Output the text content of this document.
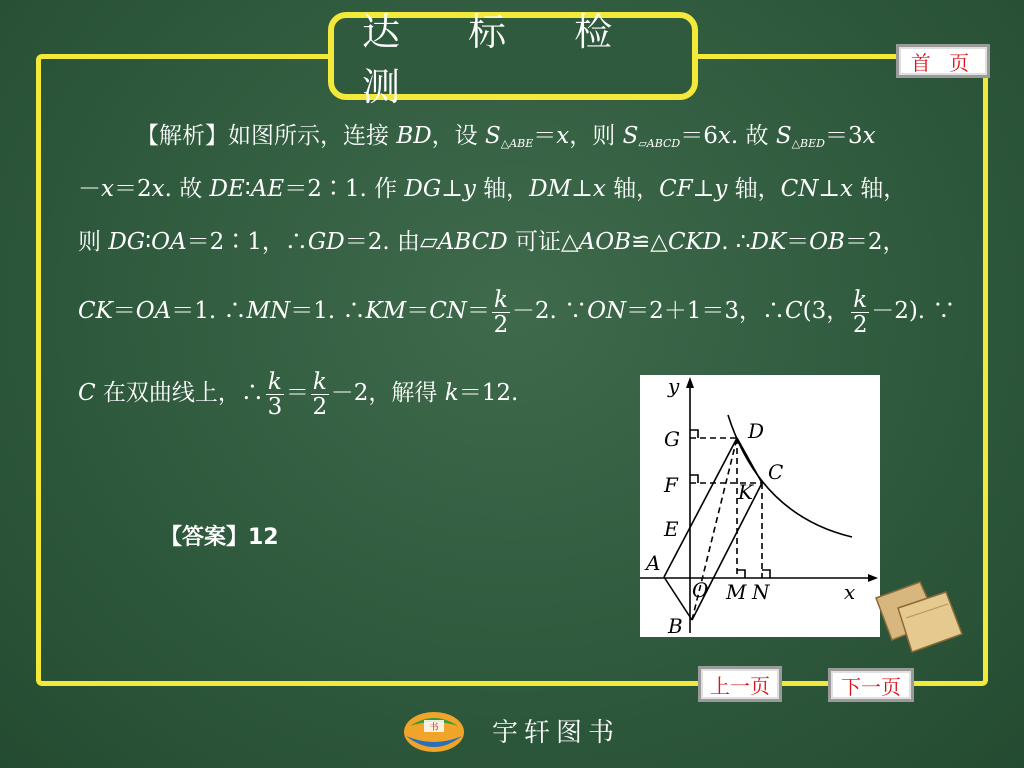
达 标 检 测
首 页
【解析】如图所示，连接 BD，设 $S_{\triangle ABE}=x$，则 $S_{▱ABCD}=6x$. 故 $S_{\triangle BED}=3x$
－x＝2x. 故 DE∶AE＝2∶1. 作 DG⊥y 轴，DM⊥x 轴，CF⊥y 轴，CN⊥x 轴，
则 DG∶OA＝2∶1，∴GD＝2. 由▱ABCD 可证△AOB≌△CKD. ∴DK＝OB＝2，
CK＝OA＝1. ∴MN＝1. ∴KM＝CN＝ $\frac{k}{2} -2$. ∵ON＝2＋1＝3，∴C(3， $\frac{k}{2} -2$). ∵
C 在双曲线上，∴ $\frac{k}{3} = \frac{k}{2} -2$，解得 k＝12.
【答案】12
y
x
G	D
F
C
K
E
A
O M N
B
上一页	下一页
书 宇轩图书
